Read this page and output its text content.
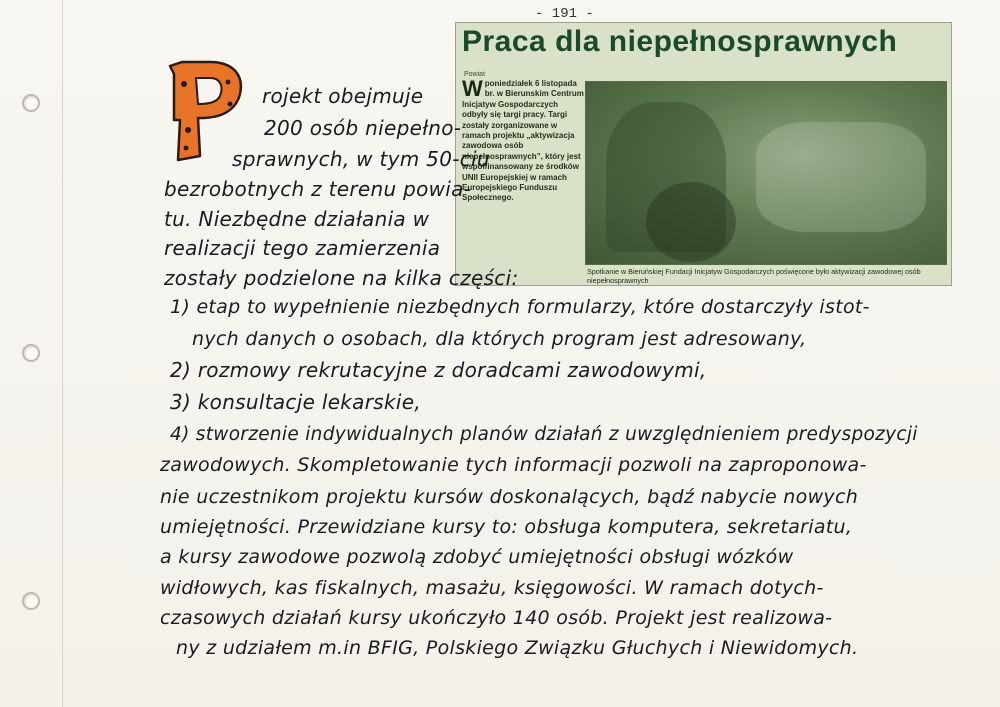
- 191 -
Praca dla niepełnosprawnych
Powiat
Wponiedziałek 6 listopada br. w Bierunskim Centrum Inicjatyw Gospodarczych odbyły się targi pracy. Targi zostały zorganizowane w ramach projektu „aktywizacja zawodowa osób niepełnosprawnych”, który jest współfinansowany ze środków UNII Europejskiej w ramach Europejskiego Funduszu Społecznego.
Spotkanie w Bieruńskiej Fundacji Inicjatyw Gospodarczych poświęcone było aktywizacji zawodowej osób niepełnosprawnych
rojekt obejmuje
200 osób niepełno-
sprawnych, w tym 50-ciu
bezrobotnych z terenu powia-
tu. Niezbędne działania w
realizacji tego zamierzenia
zostały podzielone na kilka części:
1) etap to wypełnienie niezbędnych formularzy, które dostarczyły istot-
nych danych o osobach, dla których program jest adresowany,
2) rozmowy rekrutacyjne z doradcami zawodowymi,
3) konsultacje lekarskie,
4) stworzenie indywidualnych planów działań z uwzględnieniem predyspozycji
zawodowych. Skompletowanie tych informacji pozwoli na zaproponowa-
nie uczestnikom projektu kursów doskonalących, bądź nabycie nowych
umiejętności. Przewidziane kursy to: obsługa komputera, sekretariatu,
a kursy zawodowe pozwolą zdobyć umiejętności obsługi wózków
widłowych, kas fiskalnych, masażu, księgowości. W ramach dotych-
czasowych działań kursy ukończyło 140 osób. Projekt jest realizowa-
ny z udziałem m.in BFIG, Polskiego Związku Głuchych i Niewidomych.
